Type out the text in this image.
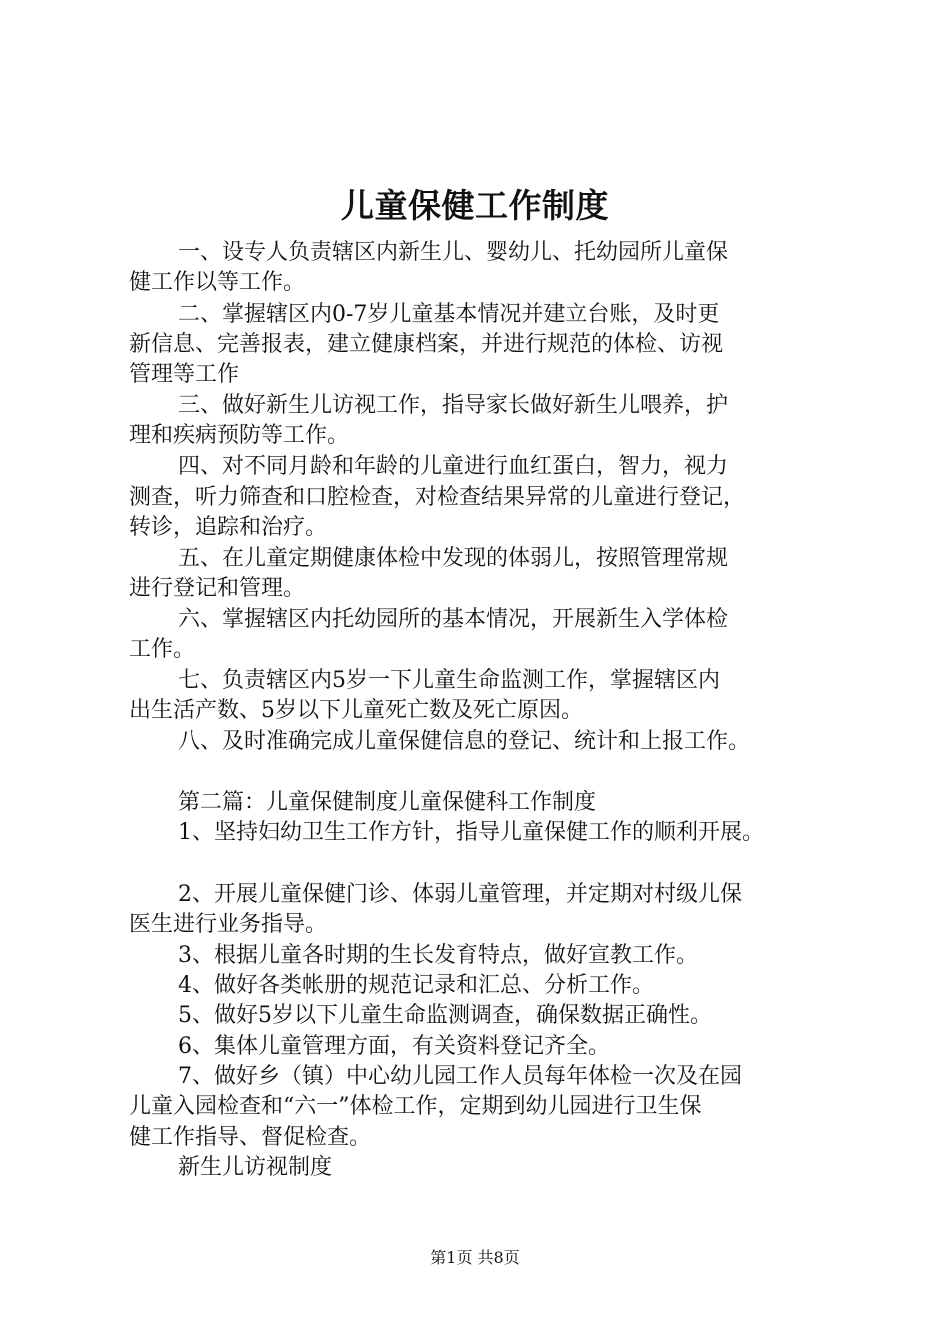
儿童保健工作制度
一、设专人负责辖区内新生儿、婴幼儿、托幼园所儿童保
健工作以等工作。
二、掌握辖区内0-7岁儿童基本情况并建立台账，及时更
新信息、完善报表，建立健康档案，并进行规范的体检、访视
管理等工作
三、做好新生儿访视工作，指导家长做好新生儿喂养，护
理和疾病预防等工作。
四、对不同月龄和年龄的儿童进行血红蛋白，智力，视力
测查，听力筛查和口腔检查，对检查结果异常的儿童进行登记，
转诊，追踪和治疗。
五、在儿童定期健康体检中发现的体弱儿，按照管理常规
进行登记和管理。
六、掌握辖区内托幼园所的基本情况，开展新生入学体检
工作。
七、负责辖区内5岁一下儿童生命监测工作，掌握辖区内
出生活产数、5岁以下儿童死亡数及死亡原因。
八、及时准确完成儿童保健信息的登记、统计和上报工作。
第二篇：儿童保健制度儿童保健科工作制度
1、坚持妇幼卫生工作方针，指导儿童保健工作的顺利开展。
2、开展儿童保健门诊、体弱儿童管理，并定期对村级儿保
医生进行业务指导。
3、根据儿童各时期的生长发育特点，做好宣教工作。
4、做好各类帐册的规范记录和汇总、分析工作。
5、做好5岁以下儿童生命监测调查，确保数据正确性。
6、集体儿童管理方面，有关资料登记齐全。
7、做好乡（镇）中心幼儿园工作人员每年体检一次及在园
儿童入园检查和“六一”体检工作，定期到幼儿园进行卫生保
健工作指导、督促检查。
新生儿访视制度
第1页 共8页
